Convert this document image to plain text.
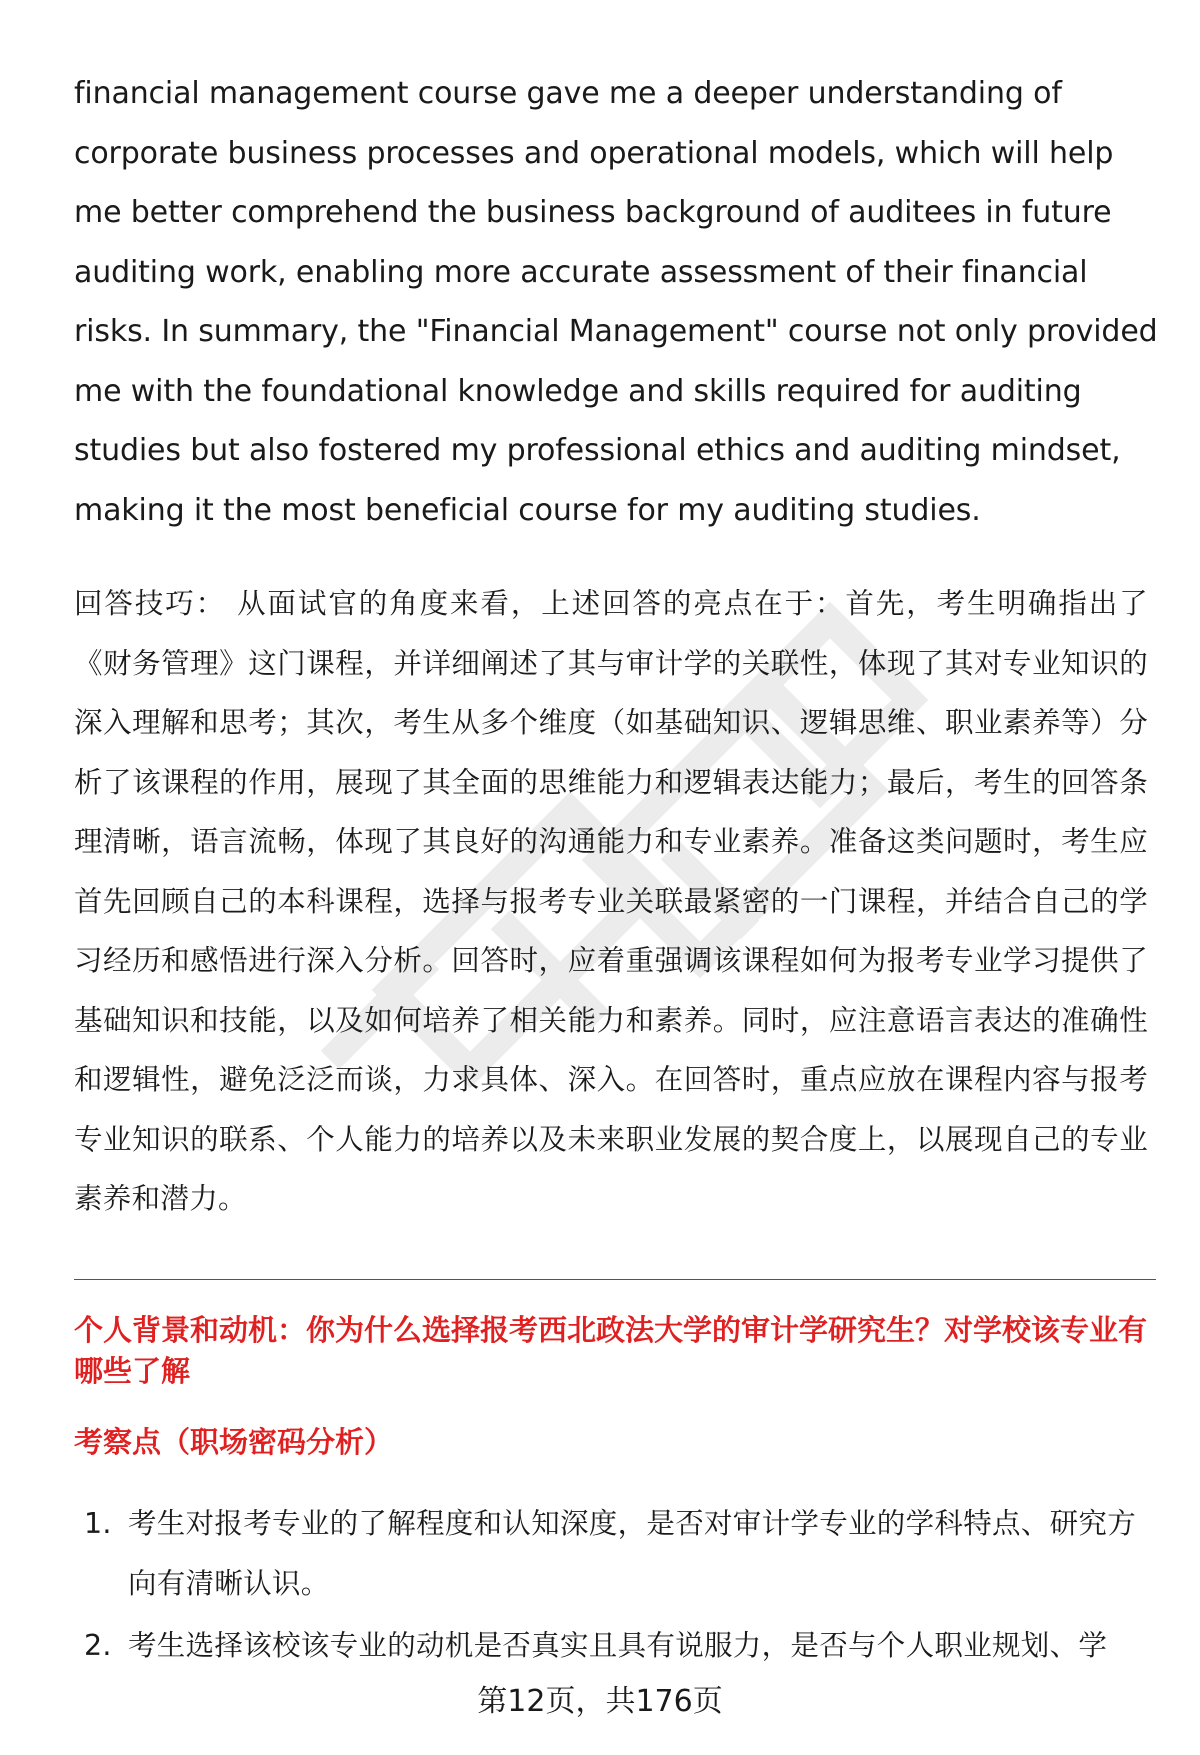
financial management course gave me a deeper understanding of corporate business processes and operational models, which will help me better comprehend the business background of auditees in future auditing work, enabling more accurate assessment of their financial risks. In summary, the "Financial Management" course not only provided me with the foundational knowledge and skills required for auditing studies but also fostered my professional ethics and auditing mindset, making it the most beneficial course for my auditing studies.
回答技巧： 从面试官的角度来看，上述回答的亮点在于：首先，考生明确指出了《财务管理》这门课程，并详细阐述了其与审计学的关联性，体现了其对专业知识的深入理解和思考；其次，考生从多个维度（如基础知识、逻辑思维、职业素养等）分析了该课程的作用，展现了其全面的思维能力和逻辑表达能力；最后，考生的回答条理清晰，语言流畅，体现了其良好的沟通能力和专业素养。准备这类问题时，考生应首先回顾自己的本科课程，选择与报考专业关联最紧密的一门课程，并结合自己的学习经历和感悟进行深入分析。回答时，应着重强调该课程如何为报考专业学习提供了基础知识和技能，以及如何培养了相关能力和素养。同时，应注意语言表达的准确性和逻辑性，避免泛泛而谈，力求具体、深入。在回答时，重点应放在课程内容与报考专业知识的联系、个人能力的培养以及未来职业发展的契合度上，以展现自己的专业素养和潜力。
个人背景和动机：你为什么选择报考西北政法大学的审计学研究生？对学校该专业有哪些了解
考察点（职场密码分析）
1. 考生对报考专业的了解程度和认知深度，是否对审计学专业的学科特点、研究方向有清晰认识。
2. 考生选择该校该专业的动机是否真实且具有说服力，是否与个人职业规划、学
第12页，共176页
